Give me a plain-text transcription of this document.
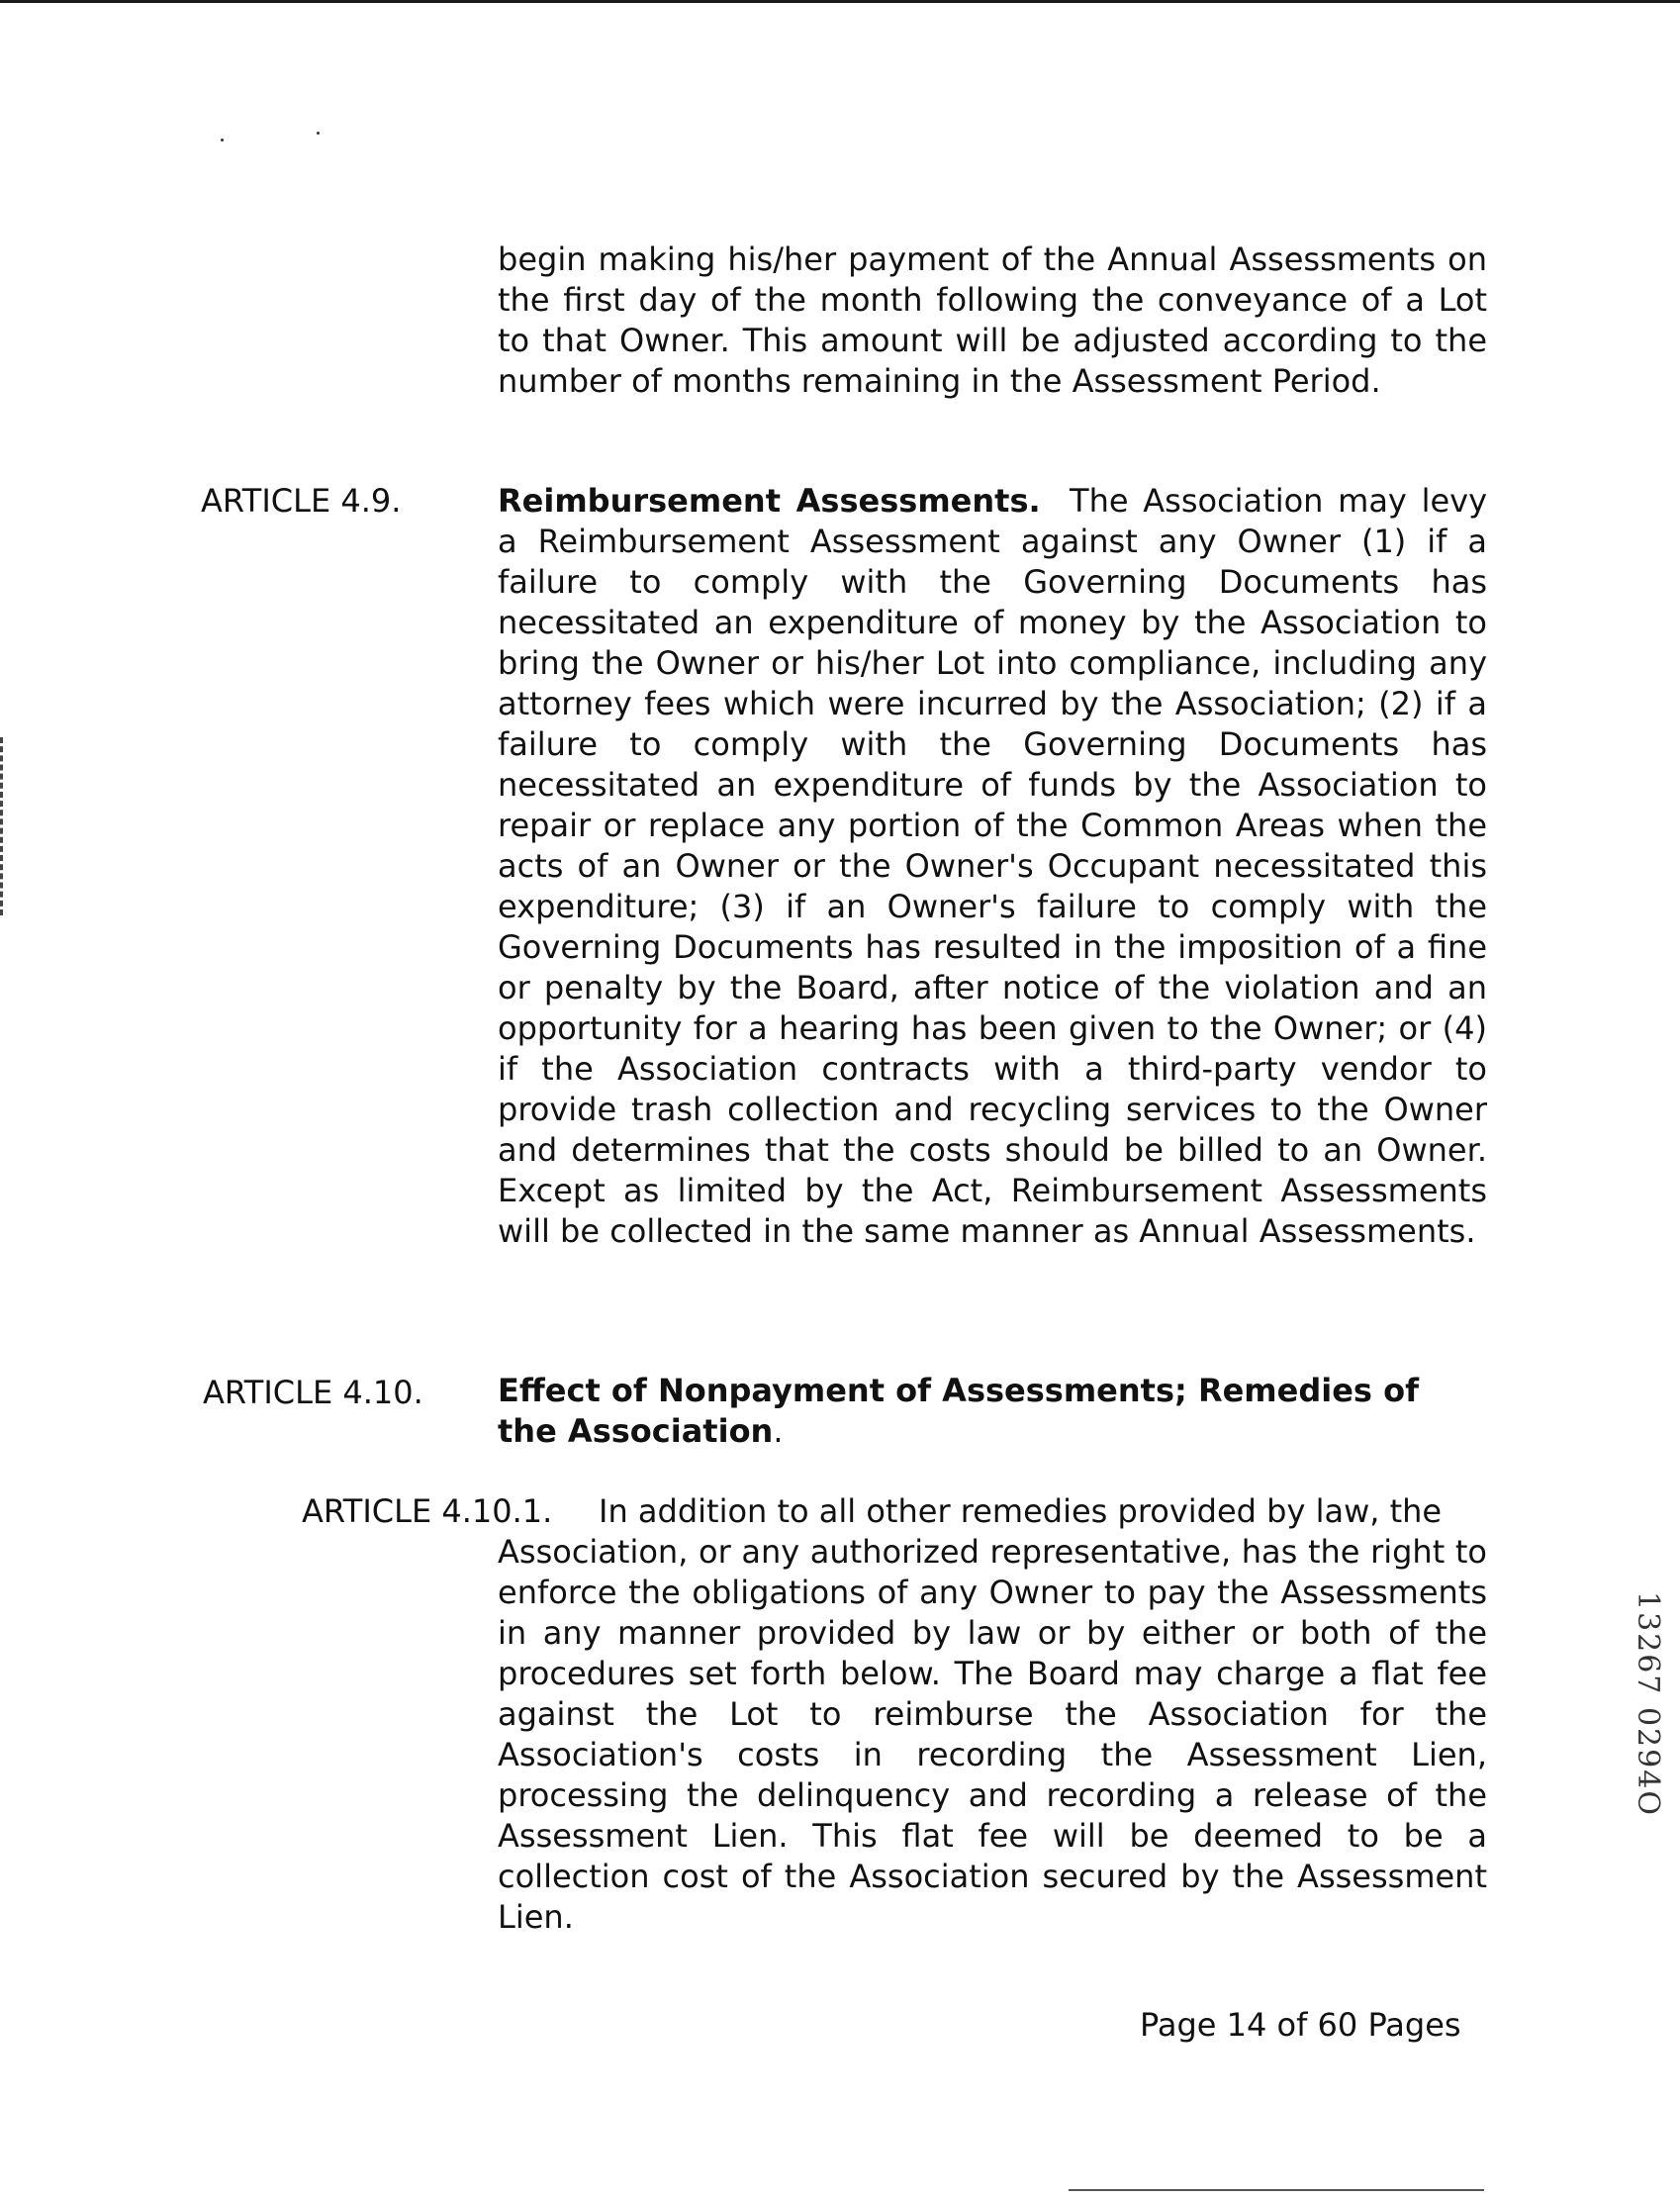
begin making his/her payment of the Annual Assessments on the first day of the month following the conveyance of a Lot to that Owner. This amount will be adjusted according to the number of months remaining in the Assessment Period.

ARTICLE 4.9.	Reimbursement Assessments. The Association may levy a Reimbursement Assessment against any Owner (1) if a failure to comply with the Governing Documents has necessitated an expenditure of money by the Association to bring the Owner or his/her Lot into compliance, including any attorney fees which were incurred by the Association; (2) if a failure to comply with the Governing Documents has necessitated an expenditure of funds by the Association to repair or replace any portion of the Common Areas when the acts of an Owner or the Owner's Occupant necessitated this expenditure; (3) if an Owner's failure to comply with the Governing Documents has resulted in the imposition of a fine or penalty by the Board, after notice of the violation and an opportunity for a hearing has been given to the Owner; or (4) if the Association contracts with a third-party vendor to provide trash collection and recycling services to the Owner and determines that the costs should be billed to an Owner. Except as limited by the Act, Reimbursement Assessments will be collected in the same manner as Annual Assessments.

ARTICLE 4.10. Effect of Nonpayment of Assessments; Remedies of the Association.

ARTICLE 4.10.1.	In addition to all other remedies provided by law, the
Association, or any authorized representative, has the right to enforce the obligations of any Owner to pay the Assessments in any manner provided by law or by either or both of the procedures set forth below. The Board may charge a flat fee against the Lot to reimburse the Association for the Association's costs in recording the Assessment Lien, processing the delinquency and recording a release of the Assessment Lien. This flat fee will be deemed to be a collection cost of the Association secured by the Assessment Lien.

Page 14 of 60 Pages

13267 0294O
